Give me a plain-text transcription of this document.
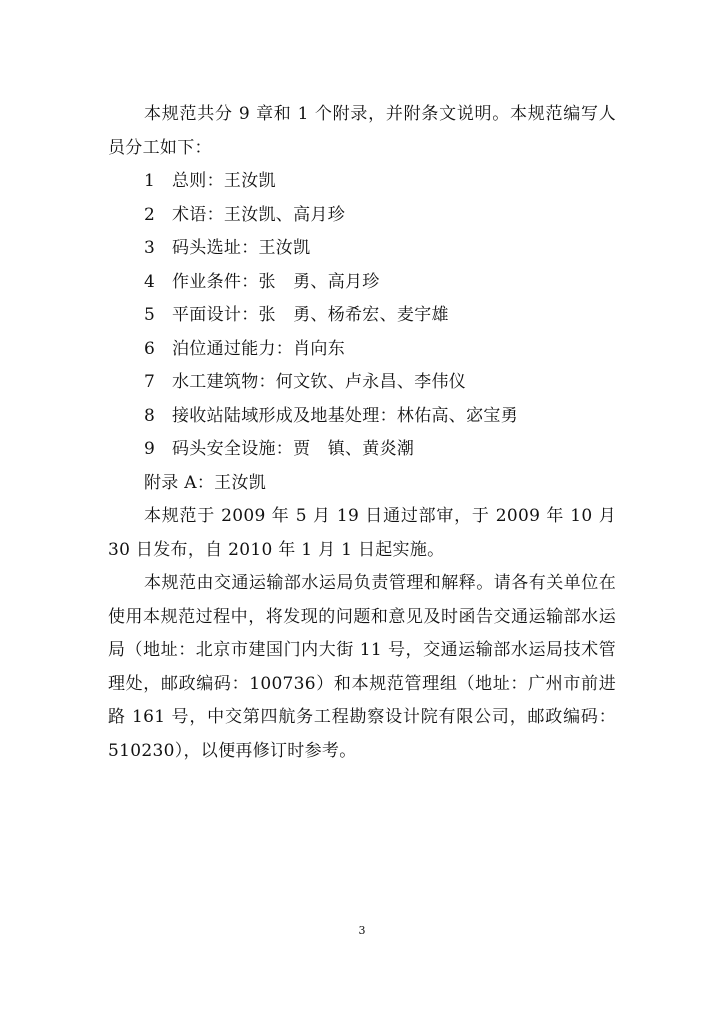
本规范共分 9 章和 1 个附录，并附条文说明。本规范编写人员分工如下：

1 总则：王汝凯
2 术语：王汝凯、高月珍
3 码头选址：王汝凯
4 作业条件：张　勇、高月珍
5 平面设计：张　勇、杨希宏、麦宇雄
6 泊位通过能力：肖向东
7 水工建筑物：何文钦、卢永昌、李伟仪
8 接收站陆域形成及地基处理：林佑高、宓宝勇
9 码头安全设施：贾　镇、黄炎潮
附录 A：王汝凯

本规范于 2009 年 5 月 19 日通过部审，于 2009 年 10 月 30 日发布，自 2010 年 1 月 1 日起实施。

本规范由交通运输部水运局负责管理和解释。请各有关单位在使用本规范过程中，将发现的问题和意见及时函告交通运输部水运局（地址：北京市建国门内大街 11 号，交通运输部水运局技术管理处，邮政编码：100736）和本规范管理组（地址：广州市前进路 161 号，中交第四航务工程勘察设计院有限公司，邮政编码：510230），以便再修订时参考。

3
